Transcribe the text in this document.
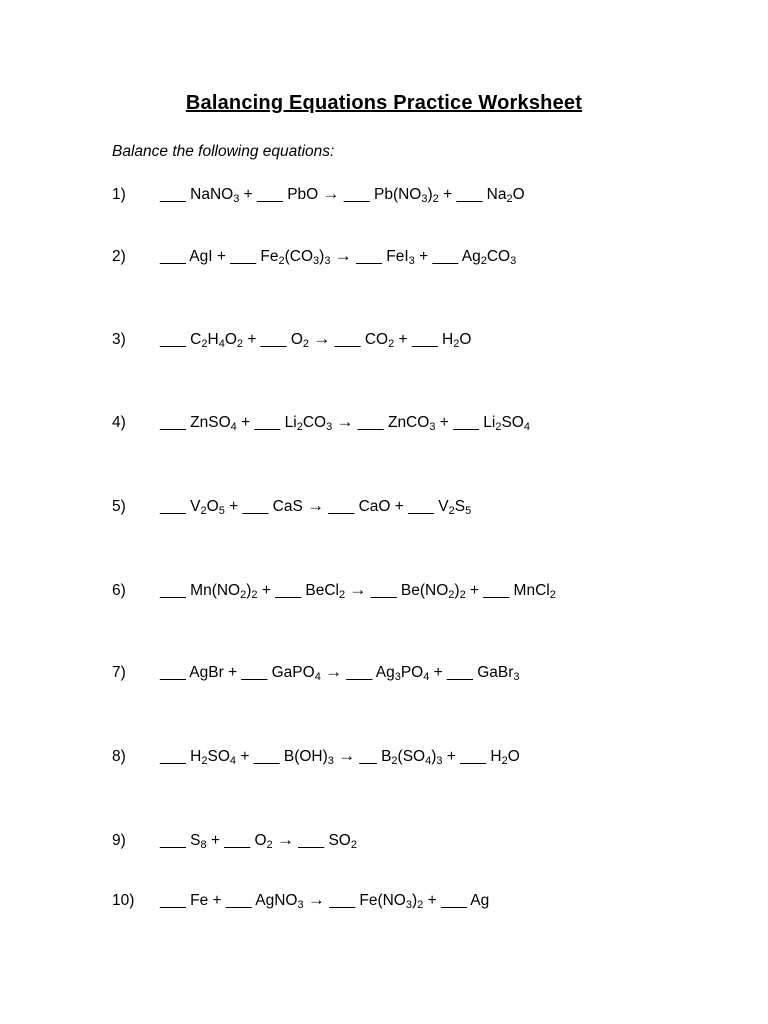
Balancing Equations Practice Worksheet
Balance the following equations:
1) ___ NaNO$_3$ + ___ PbO → ___ $Pb(NO_3)_2$ + ___ $Na_2O$
2) ___ AgI + ___ $Fe_2(CO_3)_3$ → ___ FeI$_3$ + ___ $Ag_2CO_3$
3) ___ $C_2H_4O_2$ + ___ $O_2$ → ___ $CO_2$ + ___ $H_2O$
4) ___ ZnSO$_4$ + ___ $Li_2CO_3$ → ___ ZnCO$_3$ + ___ $Li_2SO_4$
5) ___ $V_2O_5$ + ___ CaS → ___ CaO + ___ $V_2S_5$
6) ___ $Mn(NO_2)_2$ + ___ BeCl$_2$ → ___ $Be(NO_2)_2$ + ___ MnCl$_2$
7) ___ AgBr + ___ GaPO$_4$ → ___ $Ag_3PO_4$ + ___ GaBr$_3$
8) ___ $H_2SO_4$ + ___ $B(OH)_3$ → __ $B_2(SO_4)_3$ + ___ $H_2O$
9) ___ $S_8$ + ___ $O_2$ → ___ $SO_2$
10) ___ Fe + ___ AgNO$_3$ → ___ $Fe(NO_3)_2$ + ___ Ag
